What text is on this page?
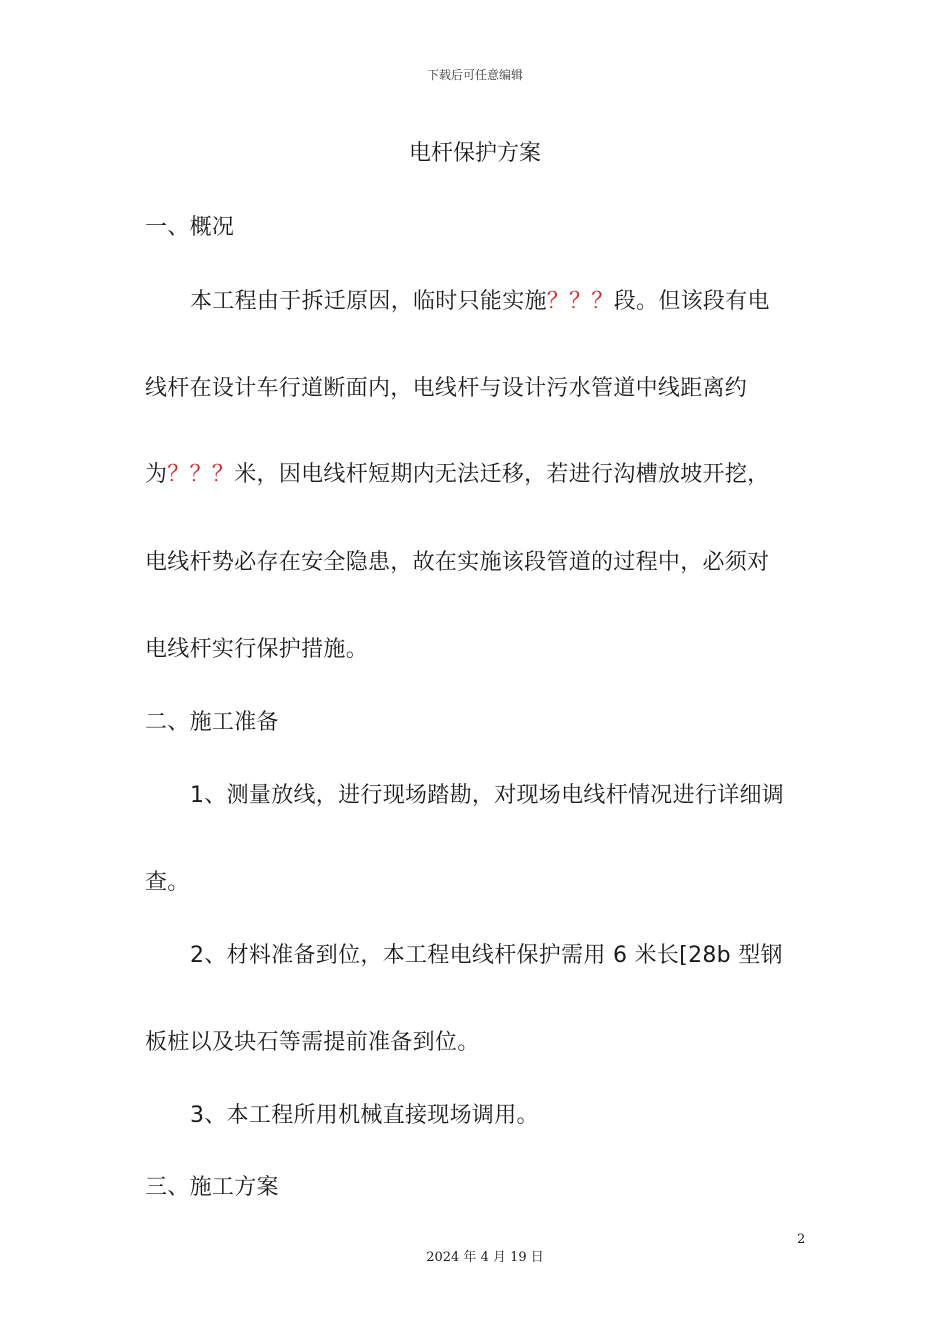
下载后可任意编辑
电杆保护方案
一、概况
本工程由于拆迁原因，临时只能实施？？？段。但该段有电
线杆在设计车行道断面内，电线杆与设计污水管道中线距离约
为？？？米，因电线杆短期内无法迁移，若进行沟槽放坡开挖，
电线杆势必存在安全隐患，故在实施该段管道的过程中，必须对
电线杆实行保护措施。
二、施工准备
1、测量放线，进行现场踏勘，对现场电线杆情况进行详细调
查。
2、材料准备到位，本工程电线杆保护需用 6 米长[28b 型钢
板桩以及块石等需提前准备到位。
3、本工程所用机械直接现场调用。
三、施工方案
2
2024 年 4 月 19 日
